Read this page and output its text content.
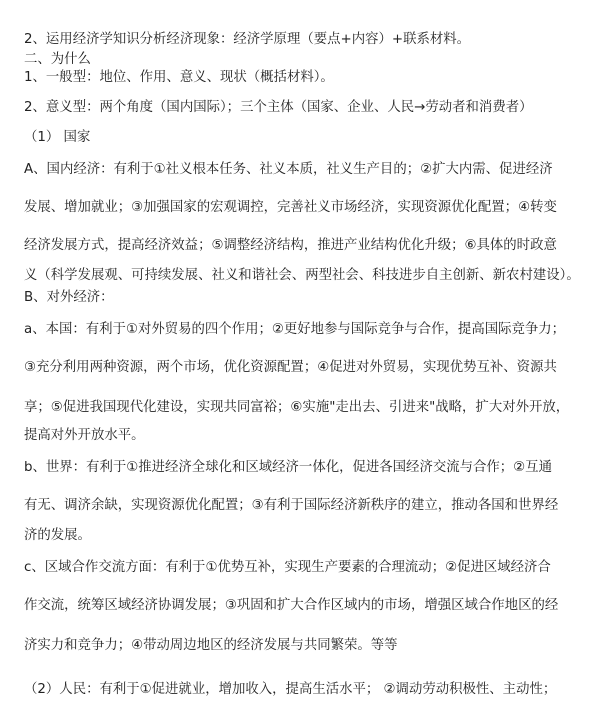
2、运用经济学知识分析经济现象：经济学原理（要点+内容）+联系材料。
二、为什么
1、一般型：地位、作用、意义、现状（概括材料）。
2、意义型：两个角度（国内国际）；三个主体（国家、企业、人民→劳动者和消费者）
（1） 国家
A、国内经济：有利于①社义根本任务、社义本质，社义生产目的；②扩大内需、促进经济
发展、增加就业；③加强国家的宏观调控，完善社义市场经济，实现资源优化配置；④转变
经济发展方式，提高经济效益；⑤调整经济结构，推进产业结构优化升级；⑥具体的时政意
义（科学发展观、可持续发展、社义和谐社会、两型社会、科技进步自主创新、新农村建设）。
B、对外经济：
a、本国：有利于①对外贸易的四个作用；②更好地参与国际竞争与合作，提高国际竞争力；
③充分利用两种资源，两个市场，优化资源配置；④促进对外贸易，实现优势互补、资源共
享；⑤促进我国现代化建设，实现共同富裕；⑥实施"走出去、引进来"战略，扩大对外开放，
提高对外开放水平。
b、世界：有利于①推进经济全球化和区域经济一体化，促进各国经济交流与合作；②互通
有无、调济余缺，实现资源优化配置；③有利于国际经济新秩序的建立，推动各国和世界经
济的发展。
c、区域合作交流方面：有利于①优势互补，实现生产要素的合理流动；②促进区域经济合
作交流，统筹区域经济协调发展；③巩固和扩大合作区域内的市场，增强区域合作地区的经
济实力和竞争力；④带动周边地区的经济发展与共同繁荣。等等
（2）人民：有利于①促进就业，增加收入，提高生活水平； ②调动劳动积极性、主动性；
